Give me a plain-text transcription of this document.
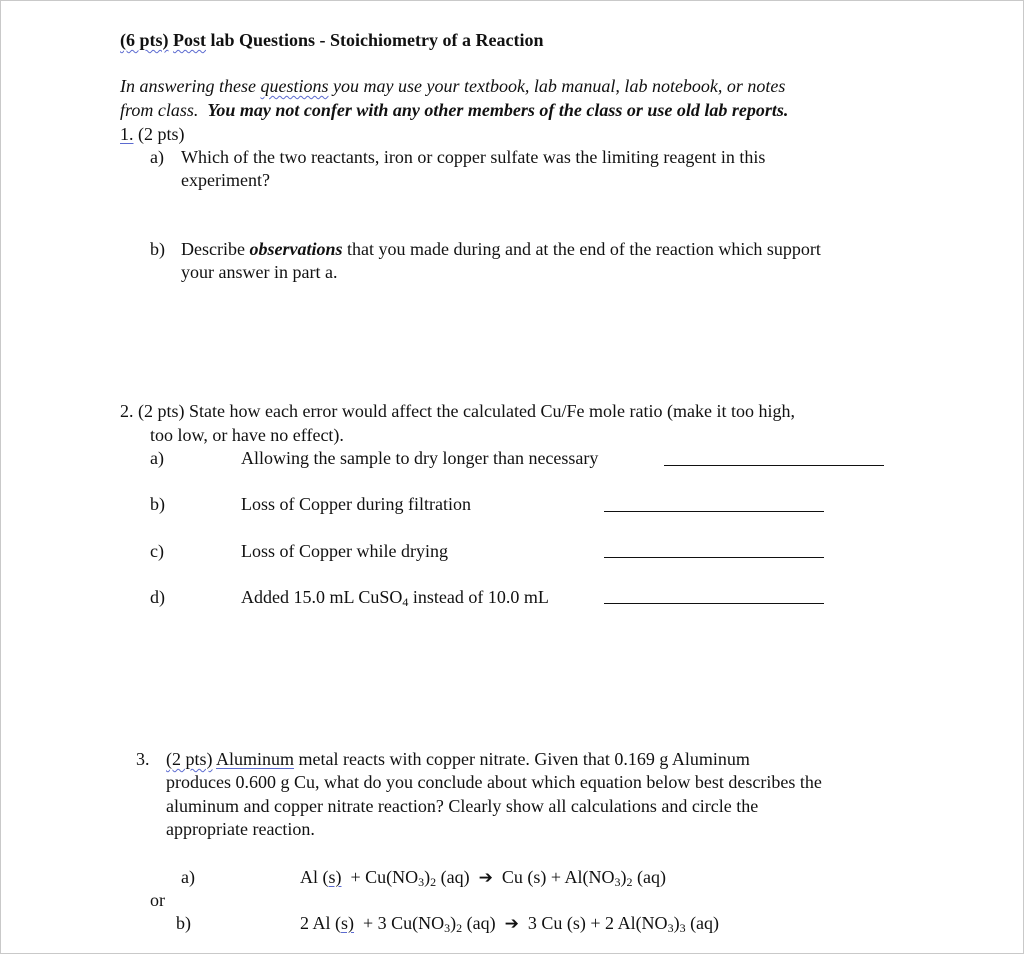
(6 pts) Post lab Questions - Stoichiometry of a Reaction
In answering these questions you may use your textbook, lab manual, lab notebook, or notes
from class. You may not confer with any other members of the class or use old lab reports.
1. (2 pts)
a) Which of the two reactants, iron or copper sulfate was the limiting reagent in this
experiment?
b) Describe observations that you made during and at the end of the reaction which support
your answer in part a.
2. (2 pts) State how each error would affect the calculated Cu/Fe mole ratio (make it too high,
too low, or have no effect).
a)	Allowing the sample to dry longer than necessary
b)	Loss of Copper during filtration
c)	Loss of Copper while drying
d)	Added 15.0 mL CuSO$_4$ instead of 10.0 mL
3. (2 pts) Aluminum metal reacts with copper nitrate. Given that 0.169 g Aluminum
produces 0.600 g Cu, what do you conclude about which equation below best describes the
aluminum and copper nitrate reaction? Clearly show all calculations and circle the
appropriate reaction.
a)	Al $(s) + Cu(NO_3)_2$ (aq) ➔ Cu $(s) + Al(NO_3)_2$ (aq)
or
b)	2 Al (s) + 3 $Cu(NO_3)_2$ (aq) ➔ 3 Cu (s) + 2 $Al(NO_3)_3$ (aq)
